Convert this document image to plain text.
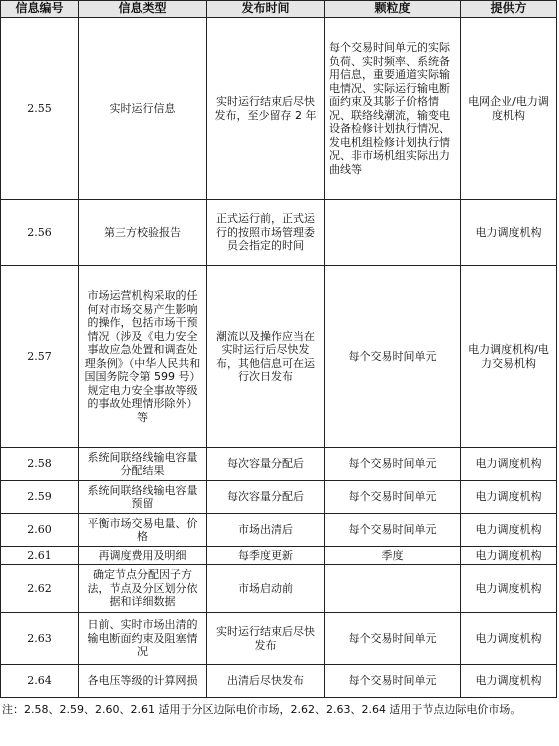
信息编号	信息类型	发布时间	颗粒度	提供方
2.55	实时运行信息	实时运行结束后尽快发布，至少留存 2 年	每个交易时间单元的实际负荷、实时频率、系统备用信息，重要通道实际输电情况、实际运行输电断面约束及其影子价格情况、联络线潮流，输变电设备检修计划执行情况、发电机组检修计划执行情况、非市场机组实际出力曲线等	电网企业/电力调度机构
2.56	第三方校验报告	正式运行前，正式运行的按照市场管理委员会指定的时间		电力调度机构
2.57	市场运营机构采取的任何对市场交易产生影响的操作，包括市场干预情况（涉及《电力安全事故应急处置和调查处理条例》（中华人民共和国国务院令第 599 号）规定电力安全事故等级的事故处理情形除外）等	潮流以及操作应当在实时运行后尽快发布，其他信息可在运行次日发布	每个交易时间单元	电力调度机构/电力交易机构
2.58	系统间联络线输电容量分配结果	每次容量分配后	每个交易时间单元	电力调度机构
2.59	系统间联络线输电容量预留	每次容量分配后	每个交易时间单元	电力调度机构
2.60	平衡市场交易电量、价格	市场出清后	每个交易时间单元	电力调度机构
2.61	再调度费用及明细	每季度更新	季度	电力调度机构
2.62	确定节点分配因子方法，节点及分区划分依据和详细数据	市场启动前		电力调度机构
2.63	日前、实时市场出清的输电断面约束及阻塞情况	实时运行结束后尽快发布	每个交易时间单元	电力调度机构
2.64	各电压等级的计算网损	出清后尽快发布	每个交易时间单元	电力调度机构
注：2.58、2.59、2.60、2.61 适用于分区边际电价市场，2.62、2.63、2.64 适用于节点边际电价市场。
